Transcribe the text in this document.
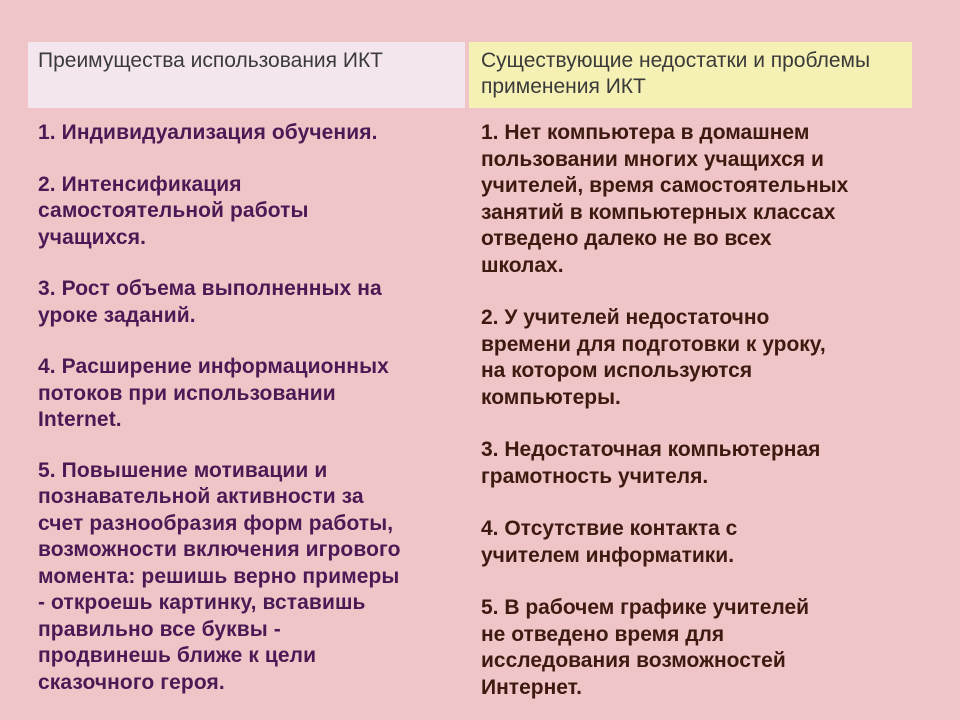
Преимущества использования ИКТ	Существующие недостатки и проблемы применения ИКТ
1. Индивидуализация обучения.
2. Интенсификация
самостоятельной работы
учащихся.
3. Рост объема выполненных на
уроке заданий.
4. Расширение информационных
потоков при использовании
Internet.
5. Повышение мотивации и
познавательной активности за
счет разнообразия форм работы,
возможности включения игрового
момента: решишь верно примеры
- откроешь картинку, вставишь
правильно все буквы -
продвинешь ближе к цели
сказочного героя.
1. Нет компьютера в домашнем
пользовании многих учащихся и
учителей, время самостоятельных
занятий в компьютерных классах
отведено далеко не во всех
школах.
2. У учителей недостаточно
времени для подготовки к уроку,
на котором используются
компьютеры.
3. Недостаточная компьютерная
грамотность учителя.
4. Отсутствие контакта с
учителем информатики.
5. В рабочем графике учителей
не отведено время для
исследования возможностей
Интернет.
